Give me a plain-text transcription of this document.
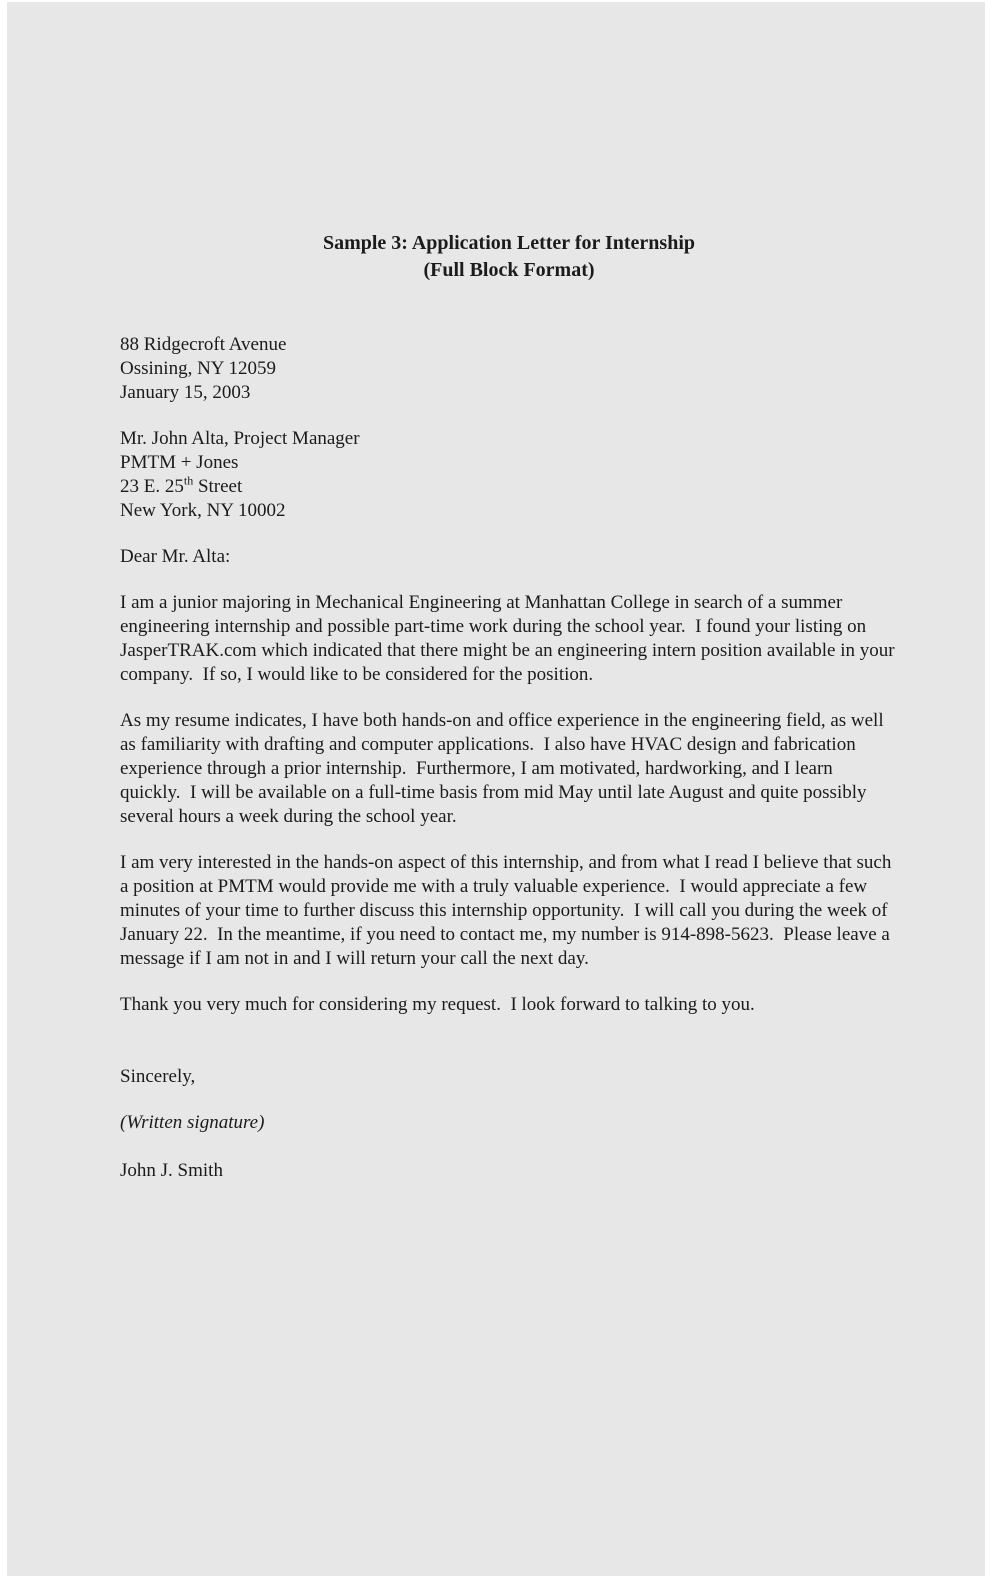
Sample 3: Application Letter for Internship
(Full Block Format)
88 Ridgecroft Avenue
Ossining, NY 12059
January 15, 2003
Mr. John Alta, Project Manager
PMTM + Jones
23 E. 25th Street
New York, NY 10002
Dear Mr. Alta:

I am a junior majoring in Mechanical Engineering at Manhattan College in search of a summer engineering internship and possible part-time work during the school year.  I found your listing on JasperTRAK.com which indicated that there might be an engineering intern position available in your company.  If so, I would like to be considered for the position.

As my resume indicates, I have both hands-on and office experience in the engineering field, as well as familiarity with drafting and computer applications.  I also have HVAC design and fabrication experience through a prior internship.  Furthermore, I am motivated, hardworking, and I learn quickly.  I will be available on a full-time basis from mid May until late August and quite possibly several hours a week during the school year.

I am very interested in the hands-on aspect of this internship, and from what I read I believe that such a position at PMTM would provide me with a truly valuable experience.  I would appreciate a few minutes of your time to further discuss this internship opportunity.  I will call you during the week of January 22.  In the meantime, if you need to contact me, my number is 914-898-5623.  Please leave a message if I am not in and I will return your call the next day.

Thank you very much for considering my request.  I look forward to talking to you.

Sincerely,
(Written signature)
John J. Smith
